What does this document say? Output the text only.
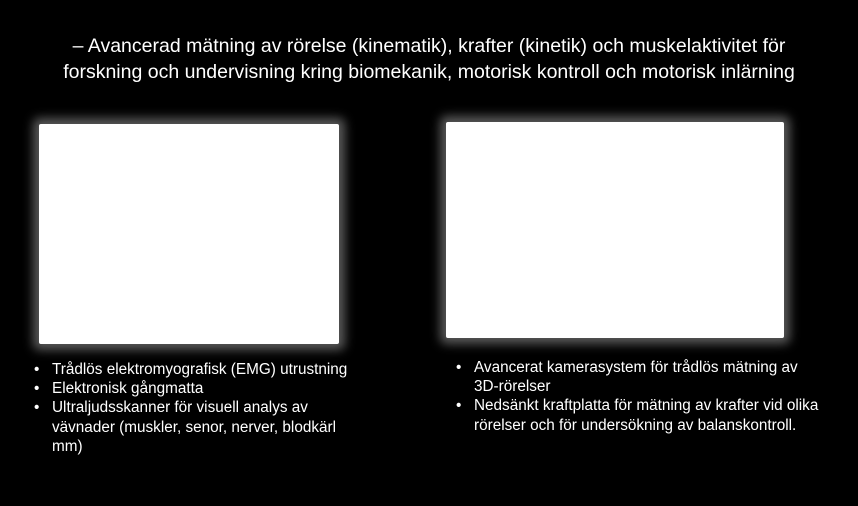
– Avancerad mätning av rörelse (kinematik), krafter (kinetik) och muskelaktivitet för
forskning och undervisning kring biomekanik, motorisk kontroll och motorisk inlärning
• Trådlös elektromyografisk (EMG) utrustning
• Elektronisk gångmatta
• Ultraljudsskanner för visuell analys av vävnader (muskler, senor, nerver, blodkärl mm)
• Avancerat kamerasystem för trådlös mätning av 3D-rörelser
• Nedsänkt kraftplatta för mätning av krafter vid olika rörelser och för undersökning av balanskontroll.
